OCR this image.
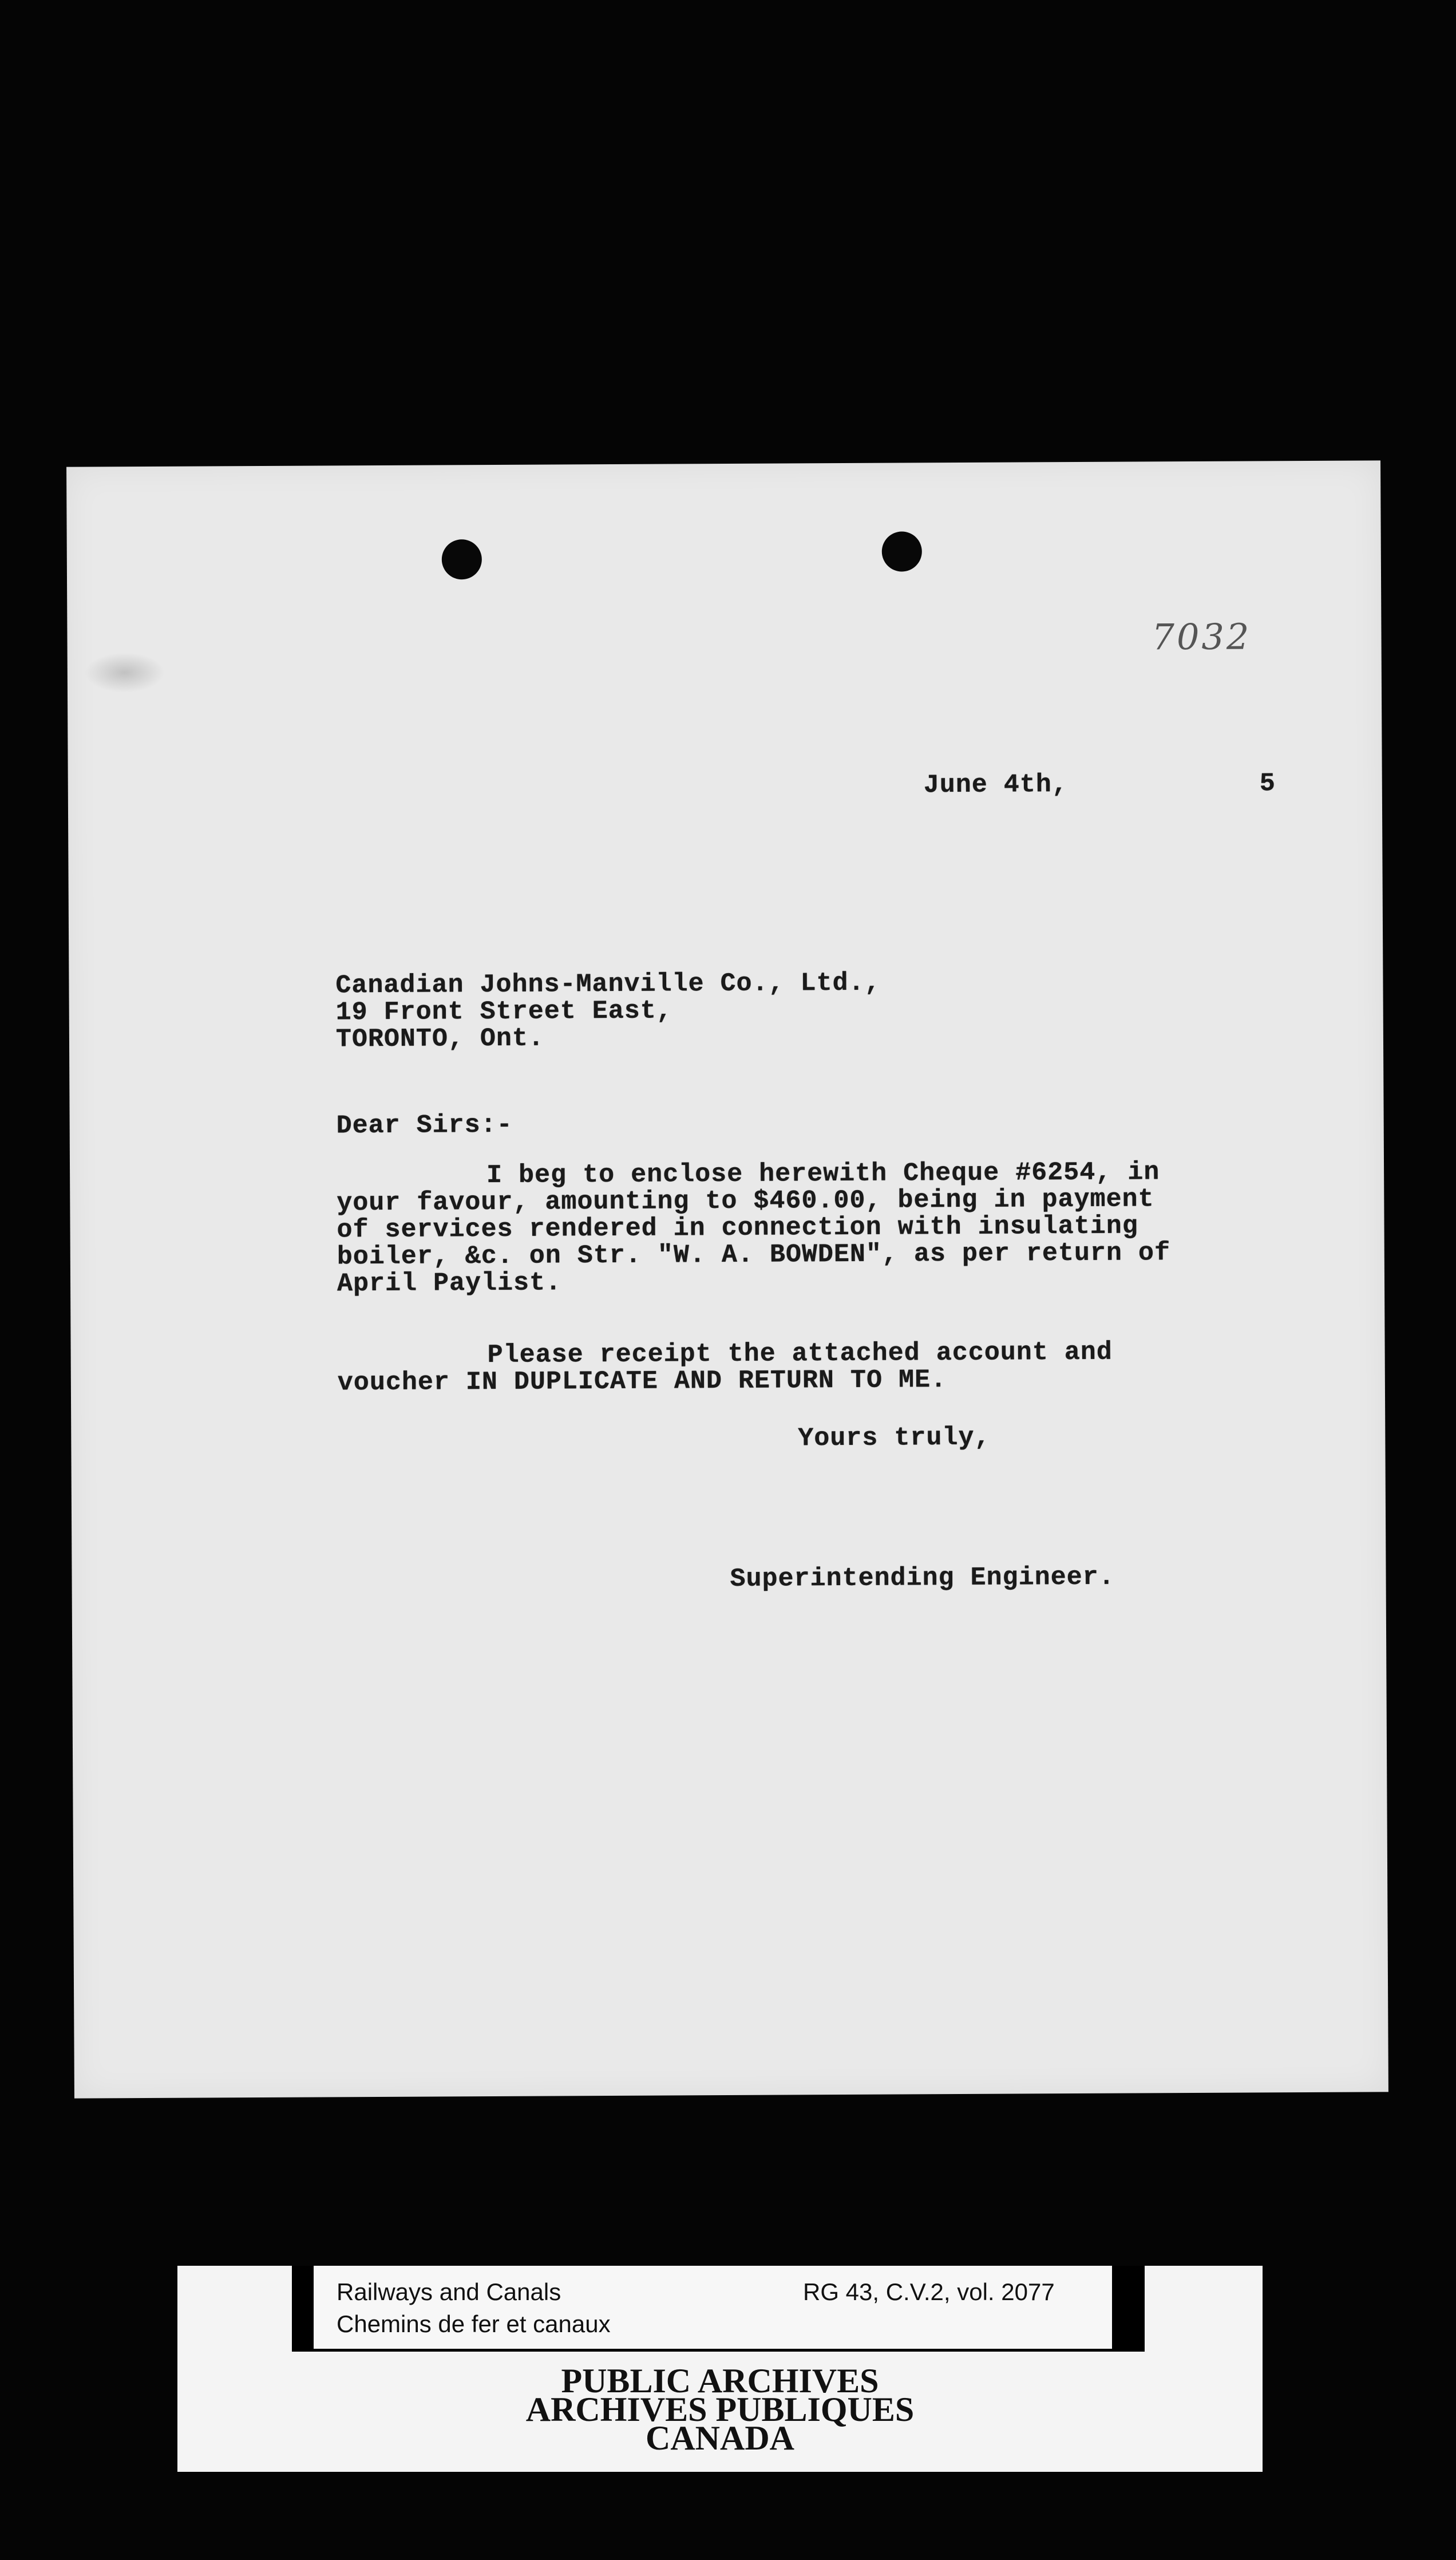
7032
June 4th,	5
Canadian Johns-Manville Co., Ltd.,
19 Front Street East,
TORONTO, Ont.
Dear Sirs:-
I beg to enclose herewith Cheque #6254, in
your favour, amounting to $460.00, being in payment
of services rendered in connection with insulating
boiler, &c. on Str. "W. A. BOWDEN", as per return of
April Paylist.
Please receipt the attached account and
voucher IN DUPLICATE AND RETURN TO ME.
Yours truly,
Superintending Engineer.
Railways and Canals
Chemins de fer et canaux
RG 43, C.V.2, vol. 2077
PUBLIC ARCHIVES
ARCHIVES PUBLIQUES
CANADA
